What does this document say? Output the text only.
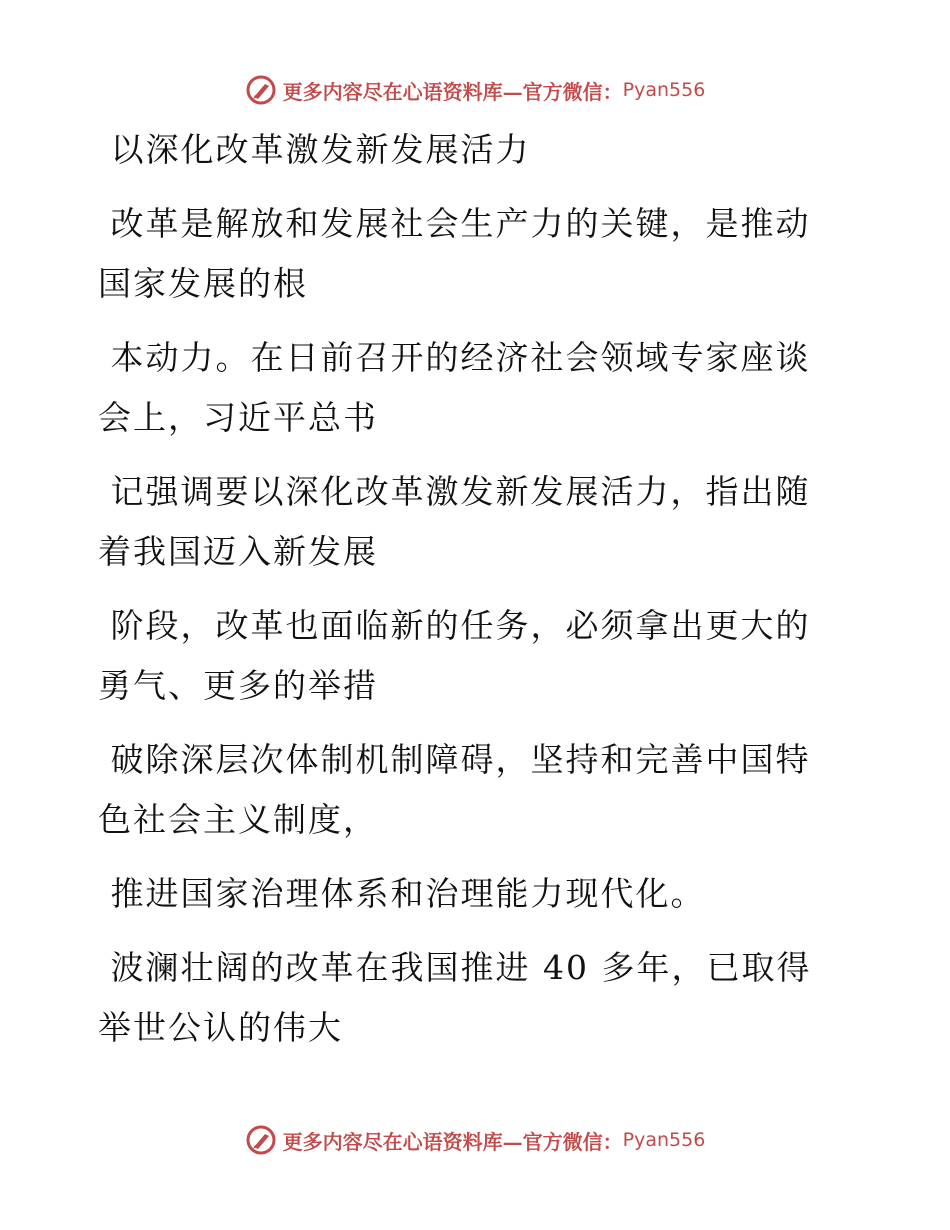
更多内容尽在心语资料库—官方微信： Pyan556

以深化改革激发新发展活力

改革是解放和发展社会生产力的关键，是推动国家发展的根

本动力。在日前召开的经济社会领域专家座谈会上，习近平总书

记强调要以深化改革激发新发展活力，指出随着我国迈入新发展

阶段，改革也面临新的任务，必须拿出更大的勇气、更多的举措

破除深层次体制机制障碍，坚持和完善中国特色社会主义制度，

推进国家治理体系和治理能力现代化。

波澜壮阔的改革在我国推进 40 多年，已取得举世公认的伟大

更多内容尽在心语资料库—官方微信： Pyan556
